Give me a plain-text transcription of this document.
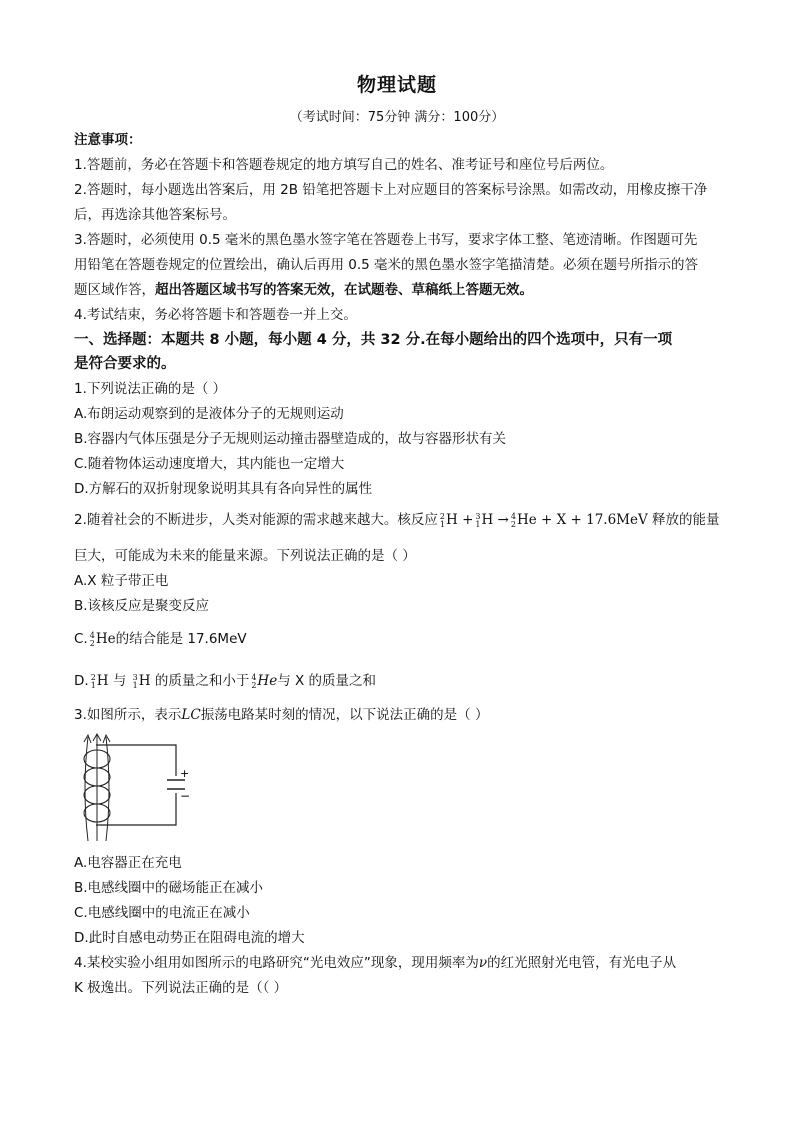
物理试题
（考试时间：75分钟 满分：100分）
注意事项：
1.答题前，务必在答题卡和答题卷规定的地方填写自己的姓名、准考证号和座位号后两位。
2.答题时，每小题选出答案后，用 2B 铅笔把答题卡上对应题目的答案标号涂黑。如需改动，用橡皮擦干净
后，再选涂其他答案标号。
3.答题时，必须使用 0.5 毫米的黑色墨水签字笔在答题卷上书写，要求字体工整、笔迹清晰。作图题可先
用铅笔在答题卷规定的位置绘出，确认后再用 0.5 毫米的黑色墨水签字笔描清楚。必须在题号所指示的答
题区域作答，超出答题区域书写的答案无效，在试题卷、草稿纸上答题无效。
4.考试结束，务必将答题卡和答题卷一并上交。
一、选择题：本题共 8 小题，每小题 4 分，共 32 分.在每小题给出的四个选项中，只有一项
是符合要求的。
1.下列说法正确的是（ ）
A.布朗运动观察到的是液体分子的无规则运动
B.容器内气体压强是分子无规则运动撞击器壁造成的，故与容器形状有关
C.随着物体运动速度增大，其内能也一定增大
D.方解石的双折射现象说明其具有各向异性的属性
2.随着社会的不断进步，人类对能源的需求越来越大。核反应 2
1 H + 3
1 H → 4
2 He + X + 17.6MeV 释放的能量
巨大，可能成为未来的能量来源。下列说法正确的是（ ）
A.X 粒子带正电
B.该核反应是聚变反应
C. 4
2 He的结合能是 17.6MeV
D. 2
1 H 与 3
1 H 的质量之和小于 4
2 He与 X 的质量之和
3.如图所示，表示LC振荡电路某时刻的情况，以下说法正确的是（ ）
+
−
A.电容器正在充电
B.电感线圈中的磁场能正在减小
C.电感线圈中的电流正在减小
D.此时自感电动势正在阻碍电流的增大
4.某校实验小组用如图所示的电路研究“光电效应”现象，现用频率为ν的红光照射光电管，有光电子从
K 极逸出。下列说法正确的是（（ ）
